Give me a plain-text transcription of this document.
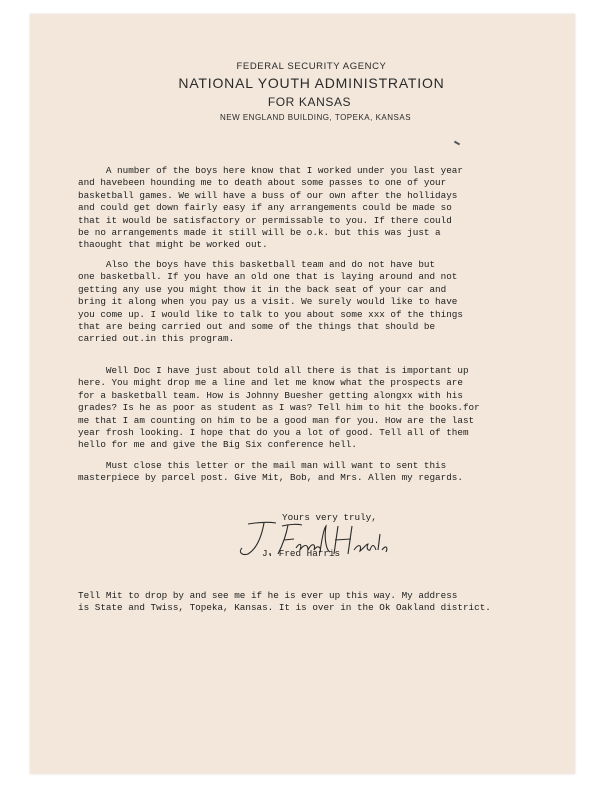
FEDERAL SECURITY AGENCY
NATIONAL YOUTH ADMINISTRATION
FOR KANSAS
NEW ENGLAND BUILDING, TOPEKA, KANSAS
A number of the boys here know that I worked under you last year
and havebeen hounding me to death about some passes to one of your
basketball games. We will have a buss of our own after the hollidays
and could get down fairly easy if any arrangements could be made so
that it would be satisfactory or permissable to you. If there could
be no arrangements made it still will be o.k. but this was just a
thaought that might be worked out.
Also the boys have this basketball team and do not have but
one basketball. If you have an old one that is laying around and not
getting any use you might thow it in the back seat of your car and
bring it along when you pay us a visit. We surely would like to have
you come up. I would like to talk to you about some xxx of the things
that are being carried out and some of the things that should be
carried out.in this program.
Well Doc I have just about told all there is that is important up
here. You might drop me a line and let me know what the prospects are
for a basketball team. How is Johnny Buesher getting alongxx with his
grades? Is he as poor as student as I was? Tell him to hit the books.for
me that I am counting on him to be a good man for you. How are the last
year frosh looking. I hope that do you a lot of good. Tell all of them
hello for me and give the Big Six conference hell.
Must close this letter or the mail man will want to sent this
masterpiece by parcel post. Give Mit, Bob, and Mrs. Allen my regards.
Yours very truly,
J. Fred Harris
Tell Mit to drop by and see me if he is ever up this way. My address
is State and Twiss, Topeka, Kansas. It is over in the Ok Oakland district.
